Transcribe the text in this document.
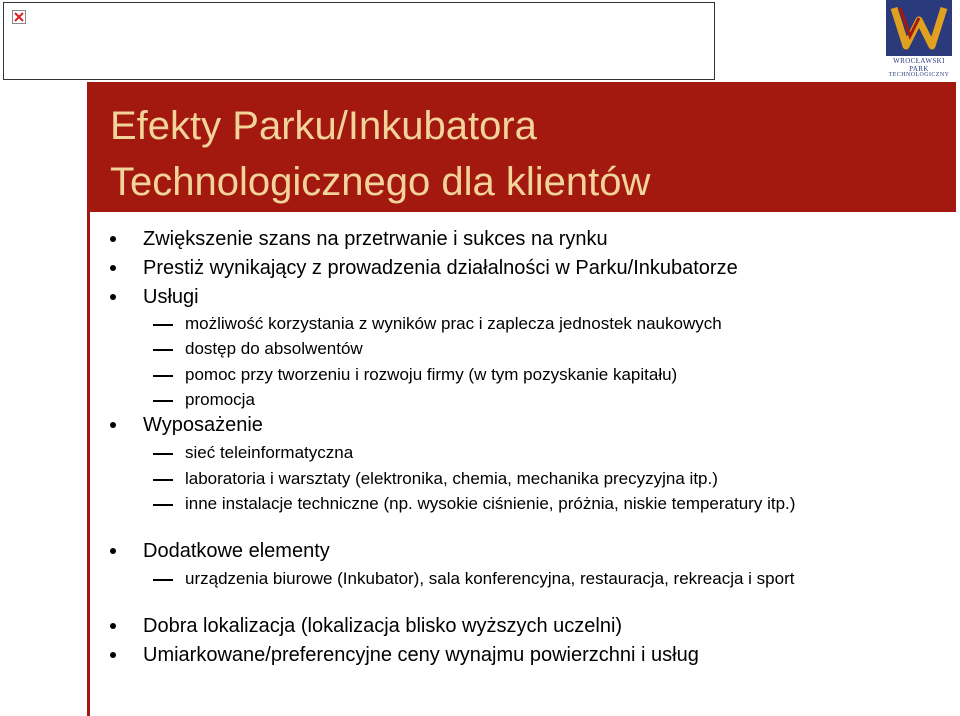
WROCŁAWSKI
PARK
TECHNOLOGICZNY
Efekty Parku/Inkubatora
Technologicznego dla klientów
Zwiększenie szans na przetrwanie i sukces na rynku
Prestiż wynikający z prowadzenia działalności w Parku/Inkubatorze
Usługi
możliwość korzystania z wyników prac i zaplecza jednostek naukowych
dostęp do absolwentów
pomoc przy tworzeniu i rozwoju firmy (w tym pozyskanie kapitału)
promocja
Wyposażenie
sieć teleinformatyczna
laboratoria i warsztaty (elektronika, chemia, mechanika precyzyjna itp.)
inne instalacje techniczne (np. wysokie ciśnienie, próżnia, niskie temperatury itp.)
Dodatkowe elementy
urządzenia biurowe (Inkubator), sala konferencyjna, restauracja, rekreacja i sport
Dobra lokalizacja (lokalizacja blisko wyższych uczelni)
Umiarkowane/preferencyjne ceny wynajmu powierzchni i usług
